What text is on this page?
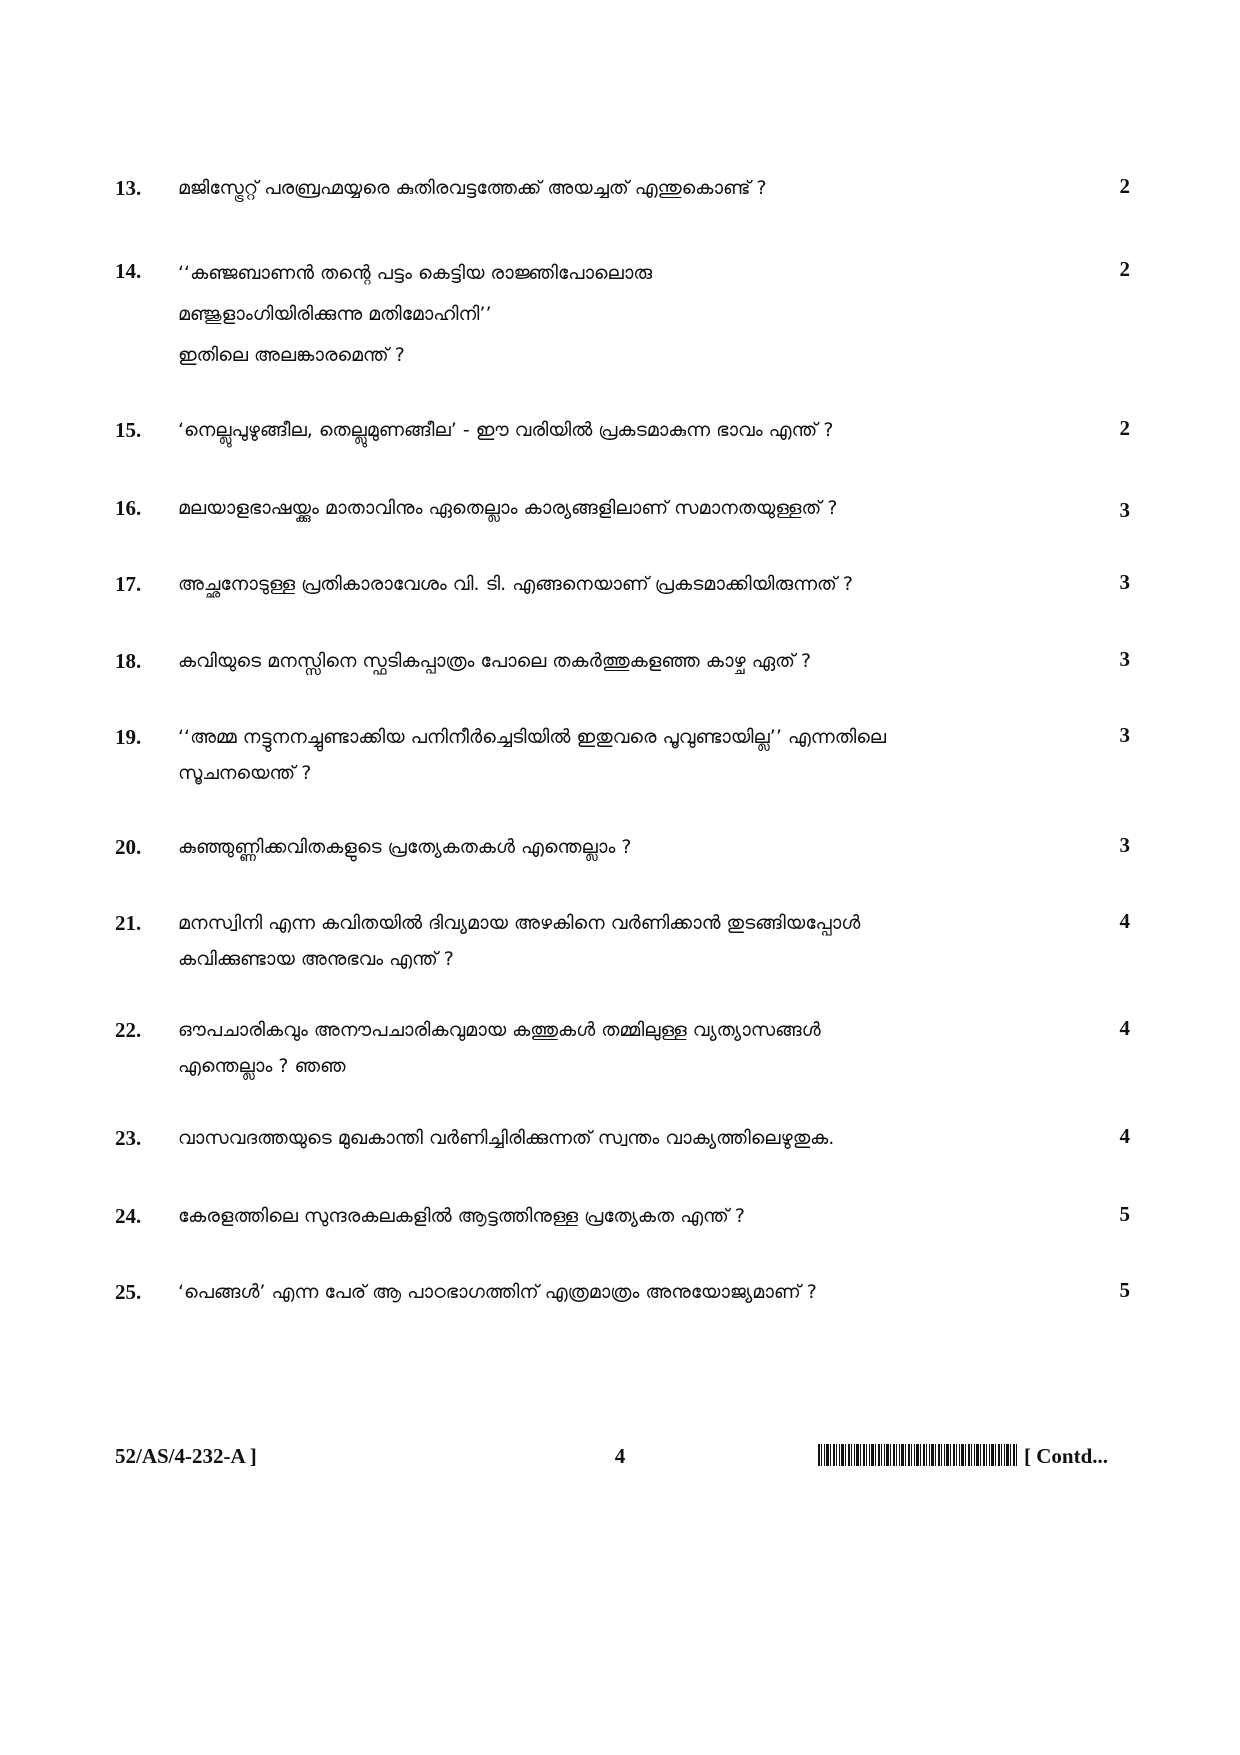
13.	മജിസ്ട്രേറ്റ് പരബ്രഹ്മയ്യരെ കുതിരവട്ടത്തേക്ക് അയച്ചത് എന്തുകൊണ്ട് ?	2
14.	‘‘കഞ്ജബാണൻ തന്റെ പട്ടം കെട്ടിയ രാജ്ഞിപോലൊരു
മഞ്ജുളാംഗിയിരിക്കുന്നു മതിമോഹിനി’’
ഇതിലെ അലങ്കാരമെന്ത് ?
2
15.	‘നെല്ലുപുഴുങ്ങീല, തെല്ലുമുണങ്ങീല’ - ഈ വരിയിൽ പ്രകടമാകുന്ന ഭാവം എന്ത് ?	2
16.	മലയാളഭാഷയ്ക്കും മാതാവിനും ഏതെല്ലാം കാര്യങ്ങളിലാണ് സമാനതയുള്ളത് ?	3
17.	അച്ഛനോടുള്ള പ്രതികാരാവേശം വി. ടി. എങ്ങനെയാണ് പ്രകടമാക്കിയിരുന്നത് ?	3
18.	കവിയുടെ മനസ്സിനെ സ്ഫടികപ്പാത്രം പോലെ തകർത്തുകളഞ്ഞ കാഴ്ച ഏത് ?	3
19.	‘‘അമ്മ നട്ടുനനച്ചുണ്ടാക്കിയ പനിനീർച്ചെടിയിൽ ഇതുവരെ പൂവുണ്ടായില്ല’’ എന്നതിലെ
സൂചനയെന്ത് ?
3
20.	കുഞ്ഞുണ്ണിക്കവിതകളുടെ പ്രത്യേകതകൾ എന്തെല്ലാം ?	3
21.	മനസ്വിനി എന്ന കവിതയിൽ ദിവ്യമായ അഴകിനെ വർണിക്കാൻ തുടങ്ങിയപ്പോൾ
കവിക്കുണ്ടായ അനുഭവം എന്ത് ?
4
22.	ഔപചാരികവും അനൗപചാരികവുമായ കത്തുകൾ തമ്മിലുള്ള വ്യത്യാസങ്ങൾ
എന്തെല്ലാം ? ഞഞ
4
23.	വാസവദത്തയുടെ മുഖകാന്തി വർണിച്ചിരിക്കുന്നത് സ്വന്തം വാക്യത്തിലെഴുതുക.	4
24.	കേരളത്തിലെ സുന്ദരകലകളിൽ ആട്ടത്തിനുള്ള പ്രത്യേകത എന്ത് ?	5
25.	‘പെങ്ങൾ’ എന്ന പേര് ആ പാഠഭാഗത്തിന് എത്രമാത്രം അനുയോജ്യമാണ് ?	5
52/AS/4-232-A ]	4	[ Contd...
